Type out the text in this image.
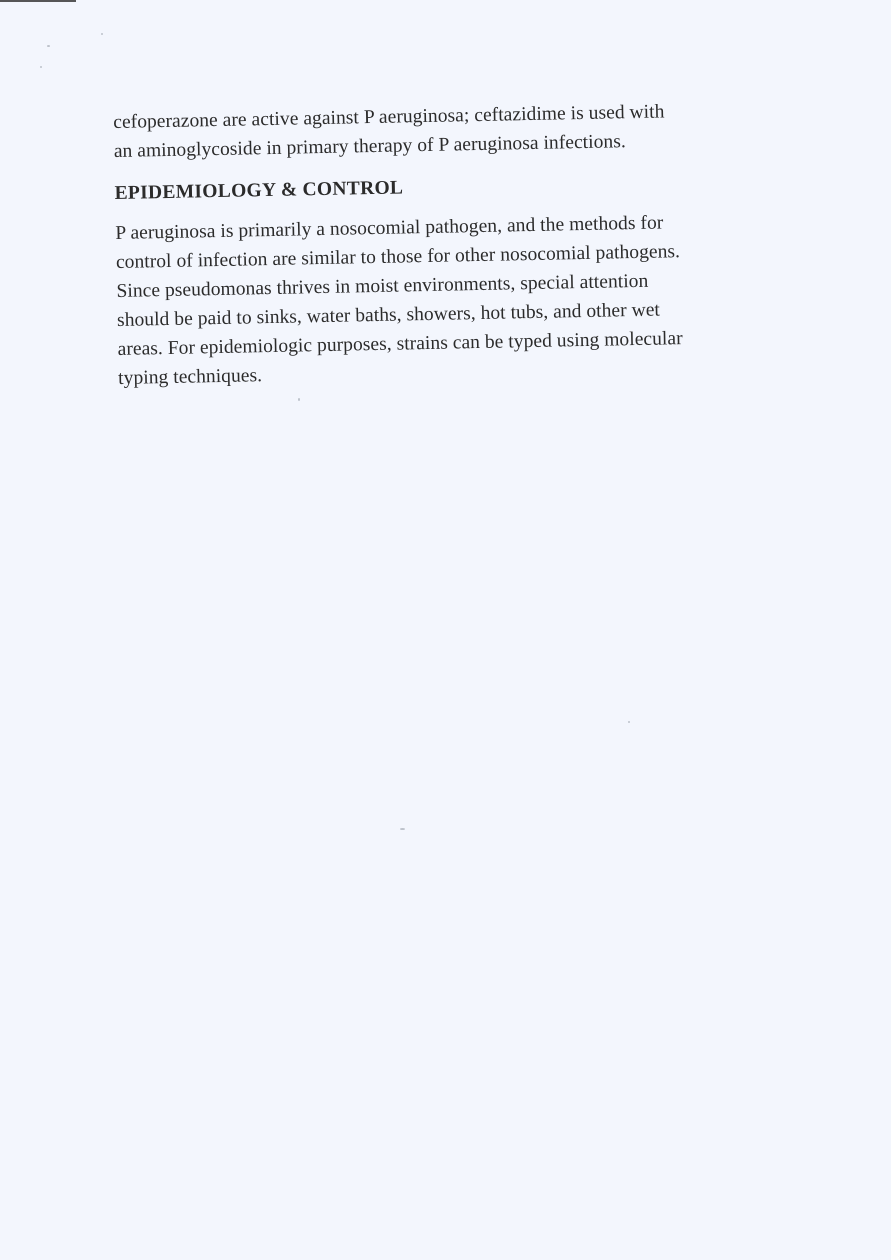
cefoperazone are active against P aeruginosa; ceftazidime is used with
an aminoglycoside in primary therapy of P aeruginosa infections.

EPIDEMIOLOGY & CONTROL

P aeruginosa is primarily a nosocomial pathogen, and the methods for
control of infection are similar to those for other nosocomial pathogens.
Since pseudomonas thrives in moist environments, special attention
should be paid to sinks, water baths, showers, hot tubs, and other wet
areas. For epidemiologic purposes, strains can be typed using molecular
typing techniques.
